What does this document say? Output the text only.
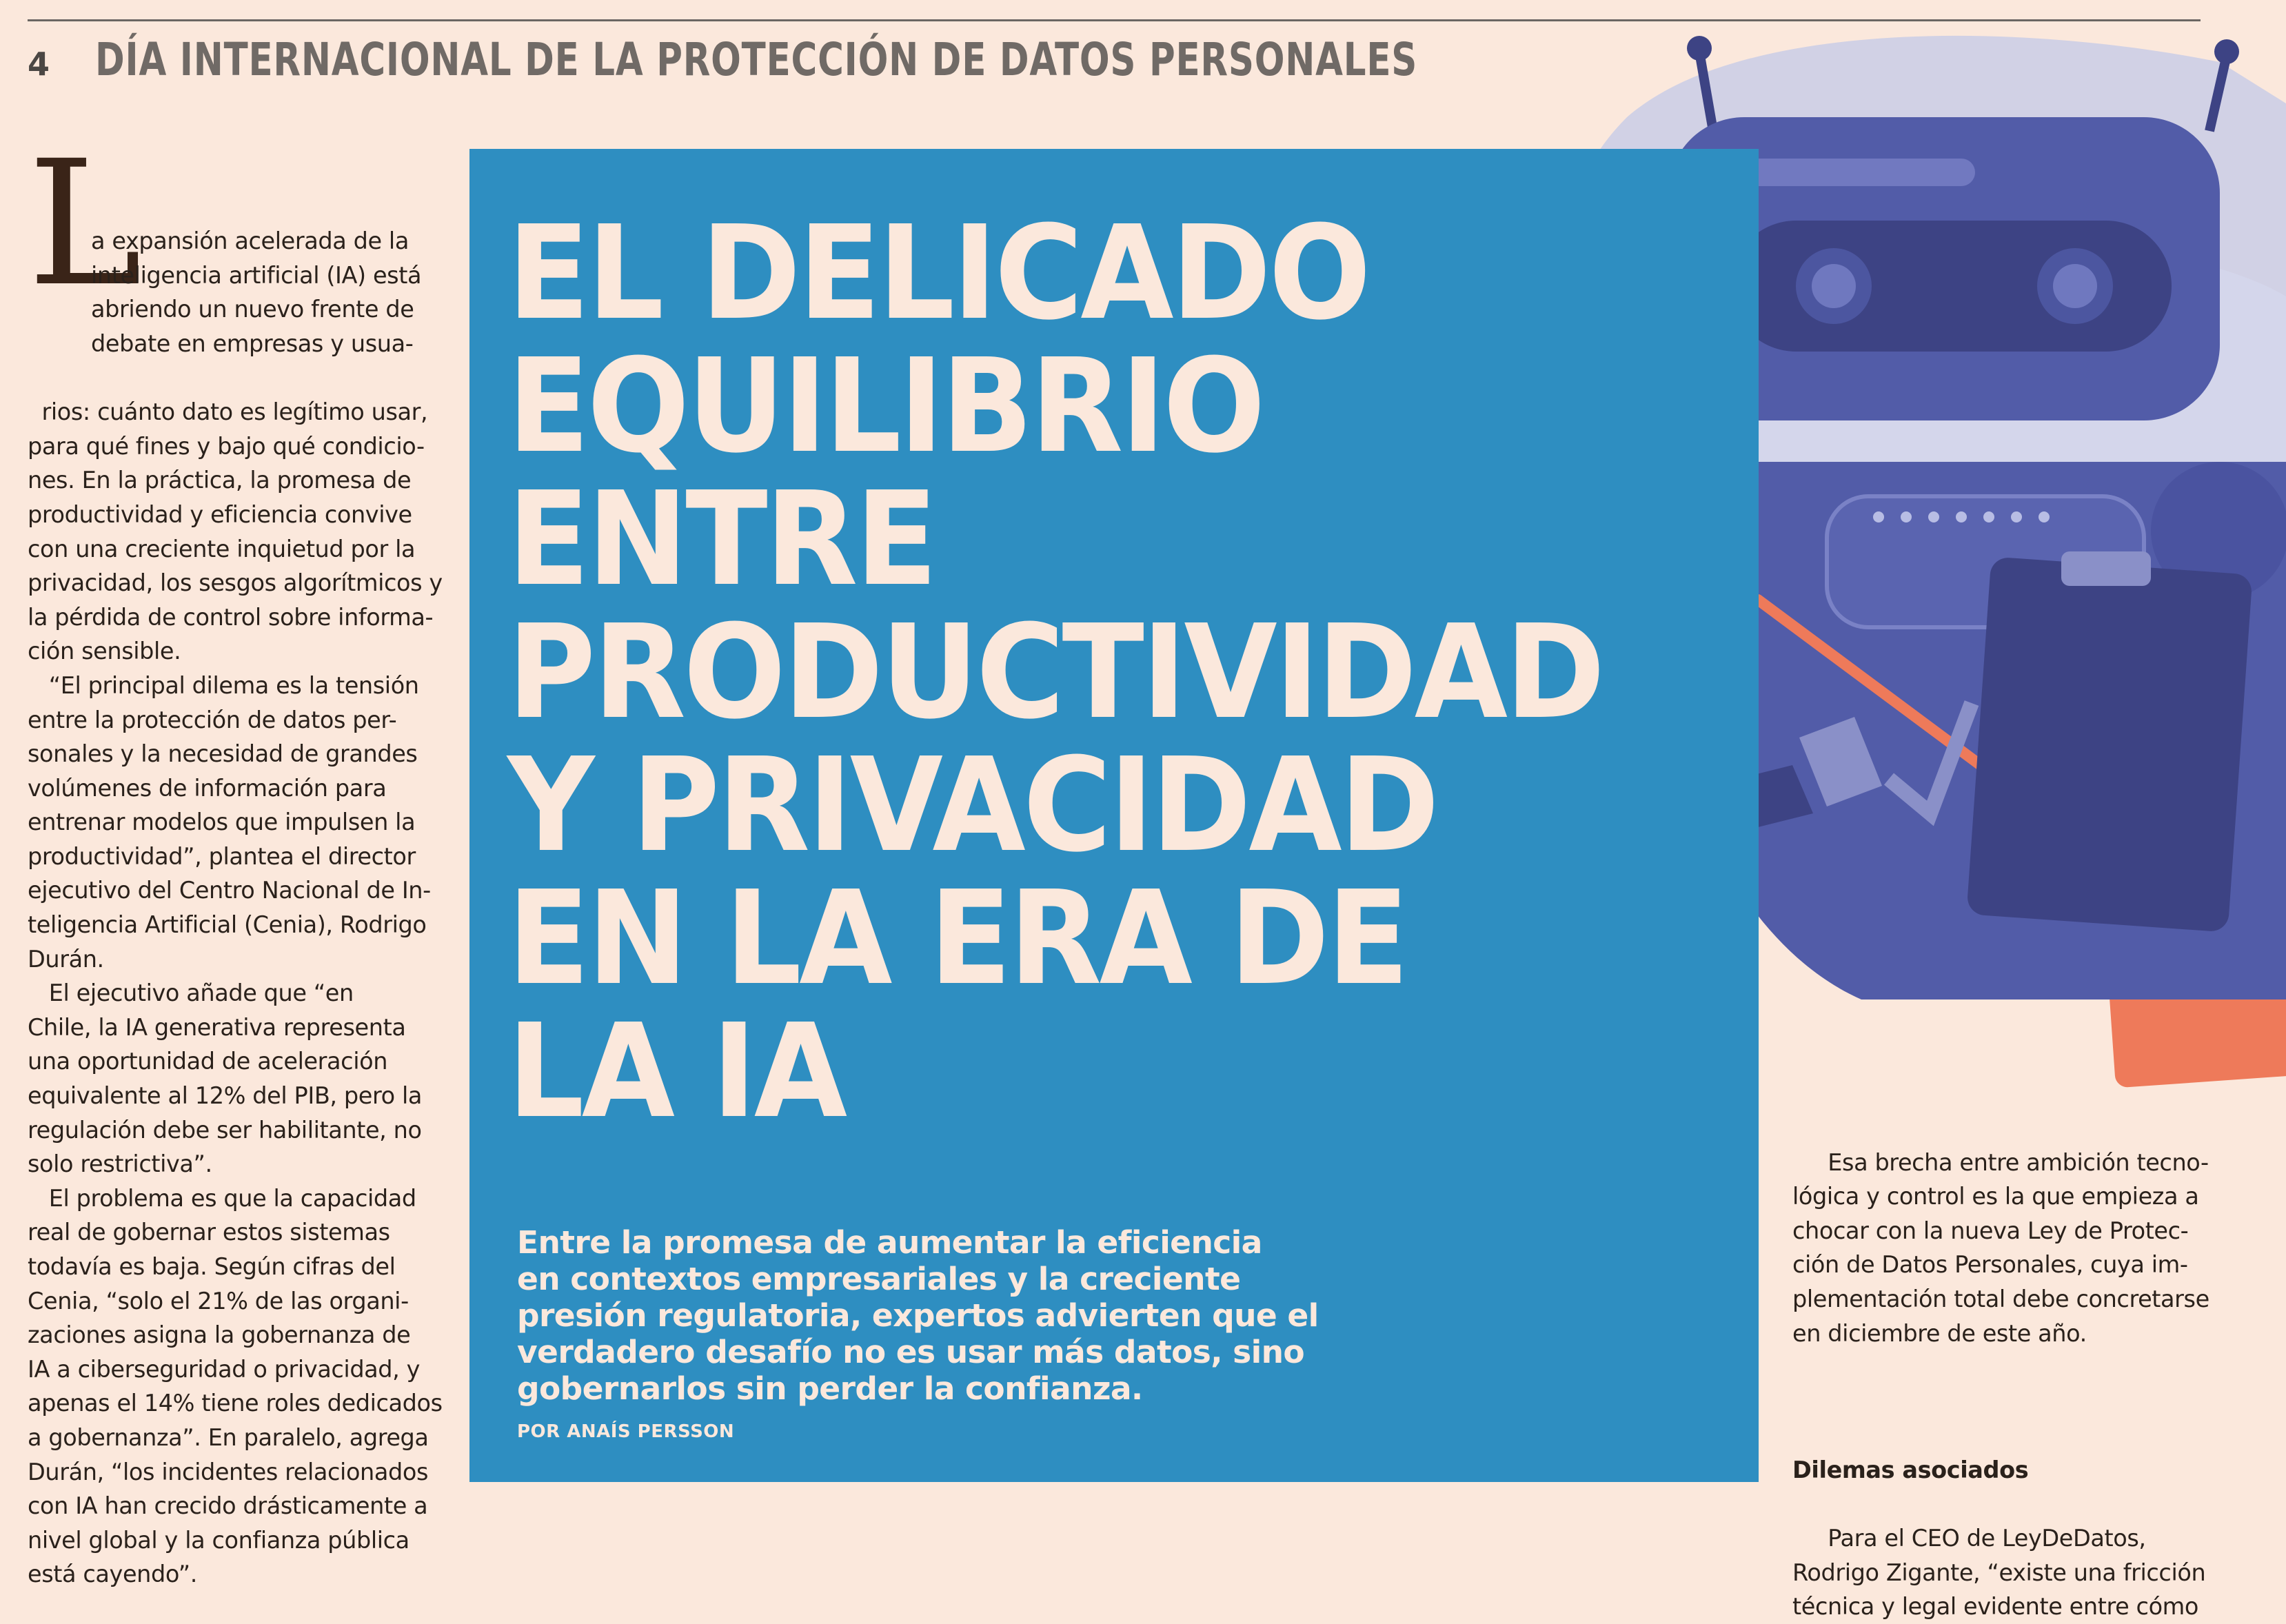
4 DÍA INTERNACIONAL DE LA PROTECCIÓN DE DATOS PERSONALES
EL DELICADO
EQUILIBRIO
ENTRE
PRODUCTIVIDAD
Y PRIVACIDAD
EN LA ERA DE
LA IA

Entre la promesa de aumentar la eficiencia
en contextos empresariales y la creciente
presión regulatoria, expertos advierten que el
verdadero desafío no es usar más datos, sino
gobernarlos sin perder la confianza.

POR ANAÍS PERSSON
L

a expansión acelerada de la
inteligencia artificial (IA) está
abriendo un nuevo frente de
debate en empresas y usua-

rios: cuánto dato es legítimo usar,
para qué fines y bajo qué condicio-
nes. En la práctica, la promesa de
productividad y eficiencia convive
con una creciente inquietud por la
privacidad, los sesgos algorítmicos y
la pérdida de control sobre informa-
ción sensible.
“El principal dilema es la tensión
entre la protección de datos per-
sonales y la necesidad de grandes
volúmenes de información para
entrenar modelos que impulsen la
productividad”, plantea el director
ejecutivo del Centro Nacional de In-
teligencia Artificial (Cenia), Rodrigo
Durán.
El ejecutivo añade que “en
Chile, la IA generativa representa
una oportunidad de aceleración
equivalente al 12% del PIB, pero la
regulación debe ser habilitante, no
solo restrictiva”.
El problema es que la capacidad
real de gobernar estos sistemas
todavía es baja. Según cifras del
Cenia, “solo el 21% de las organi-
zaciones asigna la gobernanza de
IA a ciberseguridad o privacidad, y
apenas el 14% tiene roles dedicados
a gobernanza”. En paralelo, agrega
Durán, “los incidentes relacionados
con IA han crecido drásticamente a
nivel global y la confianza pública
está cayendo”.

Esa brecha entre ambición tecno-
lógica y control es la que empieza a
chocar con la nueva Ley de Protec-
ción de Datos Personales, cuya im-
plementación total debe concretarse
en diciembre de este año.

Dilemas asociados

Para el CEO de LeyDeDatos,
Rodrigo Zigante, “existe una fricción
técnica y legal evidente entre cómo
